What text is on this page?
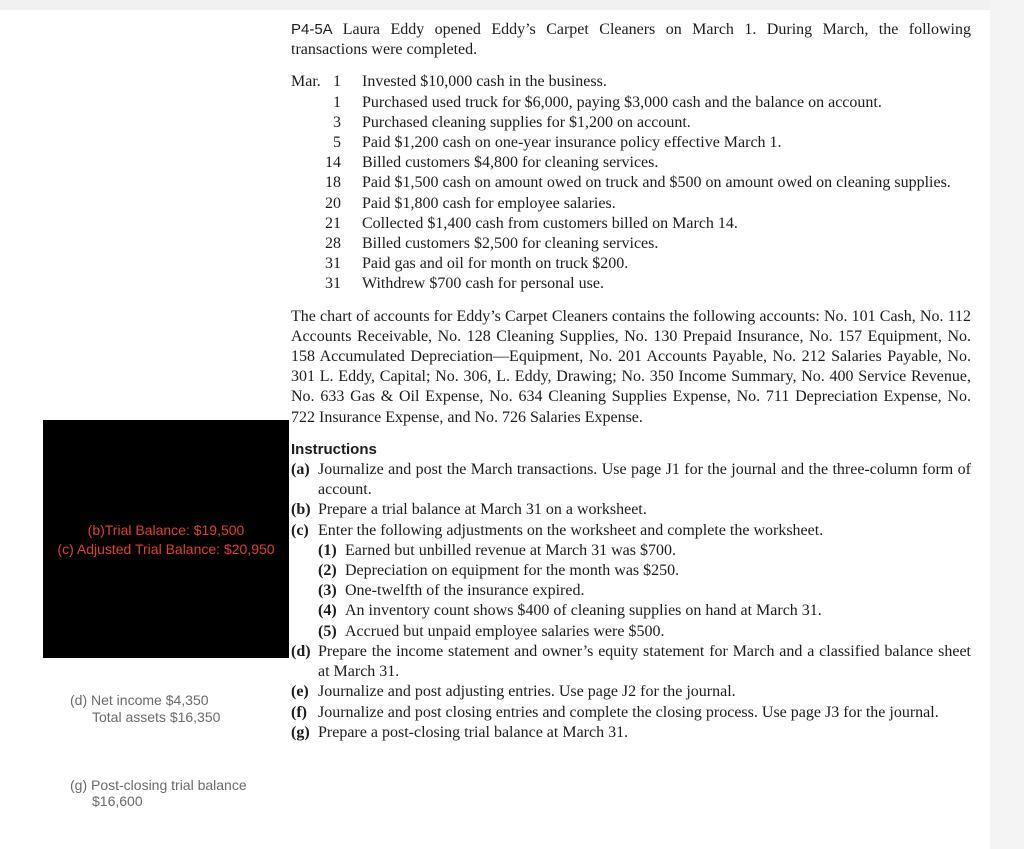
(b)Trial Balance: $19,500
(c) Adjusted Trial Balance: $20,950
(d) Net income $4,350
Total assets $16,350
(g) Post-closing trial balance
$16,600

P4-5A Laura Eddy opened Eddy’s Carpet Cleaners on March 1. During March, the following transactions were completed.

Mar. 1	Invested $10,000 cash in the business.
1	Purchased used truck for $6,000, paying $3,000 cash and the balance on account.
3	Purchased cleaning supplies for $1,200 on account.
5	Paid $1,200 cash on one-year insurance policy effective March 1.
14	Billed customers $4,800 for cleaning services.
18	Paid $1,500 cash on amount owed on truck and $500 on amount owed on cleaning supplies.
20	Paid $1,800 cash for employee salaries.
21	Collected $1,400 cash from customers billed on March 14.
28	Billed customers $2,500 for cleaning services.
31	Paid gas and oil for month on truck $200.
31	Withdrew $700 cash for personal use.

The chart of accounts for Eddy’s Carpet Cleaners contains the following accounts: No. 101 Cash, No. 112 Accounts Receivable, No. 128 Cleaning Supplies, No. 130 Prepaid Insurance, No. 157 Equipment, No. 158 Accumulated Depreciation—Equipment, No. 201 Accounts Payable, No. 212 Salaries Payable, No. 301 L. Eddy, Capital; No. 306, L. Eddy, Drawing; No. 350 Income Summary, No. 400 Service Revenue, No. 633 Gas & Oil Expense, No. 634 Cleaning Supplies Expense, No. 711 Depreciation Expense, No. 722 Insurance Expense, and No. 726 Salaries Expense.

Instructions
(a) Journalize and post the March transactions. Use page J1 for the journal and the three-column form of account.
(b) Prepare a trial balance at March 31 on a worksheet.
(c) Enter the following adjustments on the worksheet and complete the worksheet.
(1) Earned but unbilled revenue at March 31 was $700.
(2) Depreciation on equipment for the month was $250.
(3) One-twelfth of the insurance expired.
(4) An inventory count shows $400 of cleaning supplies on hand at March 31.
(5) Accrued but unpaid employee salaries were $500.
(d) Prepare the income statement and owner’s equity statement for March and a classified balance sheet at March 31.
(e) Journalize and post adjusting entries. Use page J2 for the journal.
(f) Journalize and post closing entries and complete the closing process. Use page J3 for the journal.
(g) Prepare a post-closing trial balance at March 31.
